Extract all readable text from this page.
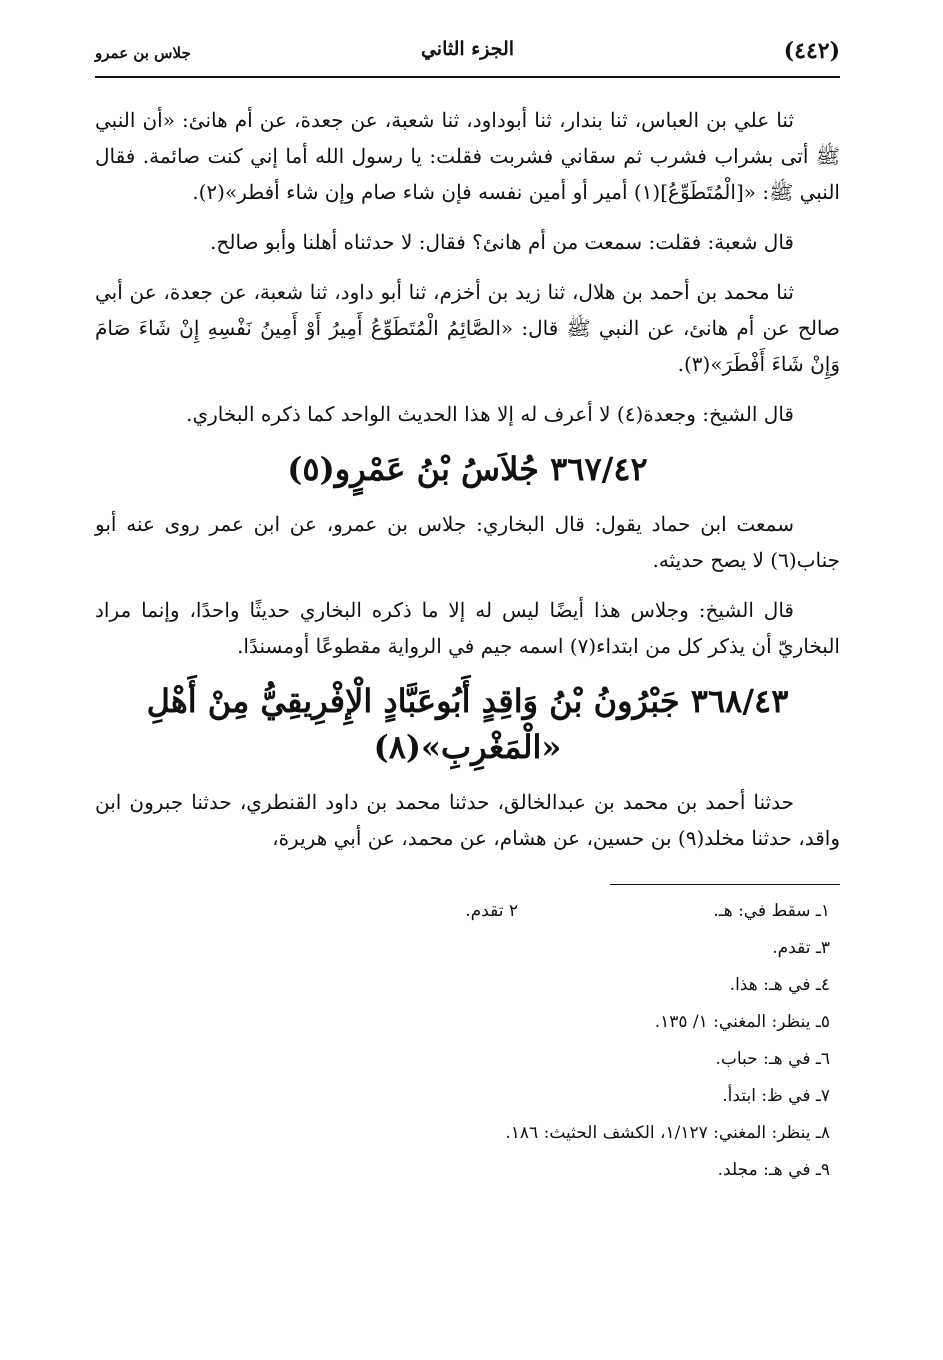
(٤٤٢)
الجزء الثاني
جلاس بن عمرو

ثنا علي بن العباس، ثنا بندار، ثنا أبوداود، ثنا شعبة، عن جعدة، عن أم هانئ: «أن النبي ﷺ أتى بشراب فشرب ثم سقاني فشربت فقلت: يا رسول الله أما إني كنت صائمة. فقال النبي ﷺ: «[الْمُتَطَوِّعُ](١) أمير أو أمين نفسه فإن شاء صام وإن شاء أفطر»(٢).

قال شعبة: فقلت: سمعت من أم هانئ؟ فقال: لا حدثناه أهلنا وأبو صالح.

ثنا محمد بن أحمد بن هلال، ثنا زيد بن أخزم، ثنا أبو داود، ثنا شعبة، عن جعدة، عن أبي صالح عن أم هانئ، عن النبي ﷺ قال: «الصَّائِمُ الْمُتَطَوِّعُ أَمِيرُ أَوْ أَمِينُ نَفْسِهِ إِنْ شَاءَ صَامَ وَإِنْ شَاءَ أَفْطَرَ»(٣).

قال الشيخ: وجعدة(٤) لا أعرف له إلا هذا الحديث الواحد كما ذكره البخاري.

٣٦٧/٤٢ جُلاَسُ بْنُ عَمْرٍو(٥)

سمعت ابن حماد يقول: قال البخاري: جلاس بن عمرو، عن ابن عمر روى عنه أبو جناب(٦) لا يصح حديثه.

قال الشيخ: وجلاس هذا أيضًا ليس له إلا ما ذكره البخاري حديثًا واحدًا، وإنما مراد البخاريّ أن يذكر كل من ابتداء(٧) اسمه جيم في الرواية مقطوعًا أومسندًا.

٣٦٨/٤٣ جَبْرُونُ بْنُ وَاقِدٍ أَبُوعَبَّادٍ الْإِفْرِيقِيُّ مِنْ أَهْلِ «الْمَغْرِبِ»(٨)

حدثنا أحمد بن محمد بن عبدالخالق، حدثنا محمد بن داود القنطري، حدثنا جبرون ابن واقد، حدثنا مخلد(٩) بن حسين، عن هشام، عن محمد، عن أبي هريرة،

١ـ سقط في: هـ.
٢ تقدم.
٣ـ تقدم.
٤ـ في هـ: هذا.
٥ـ ينظر: المغني: ١/ ١٣٥.
٦ـ في هـ: حباب.
٧ـ في ظ: ابتدأ.
٨ـ ينظر: المغني: ١/١٢٧، الكشف الحثيث: ١٨٦.
٩ـ في هـ: مجلد.
